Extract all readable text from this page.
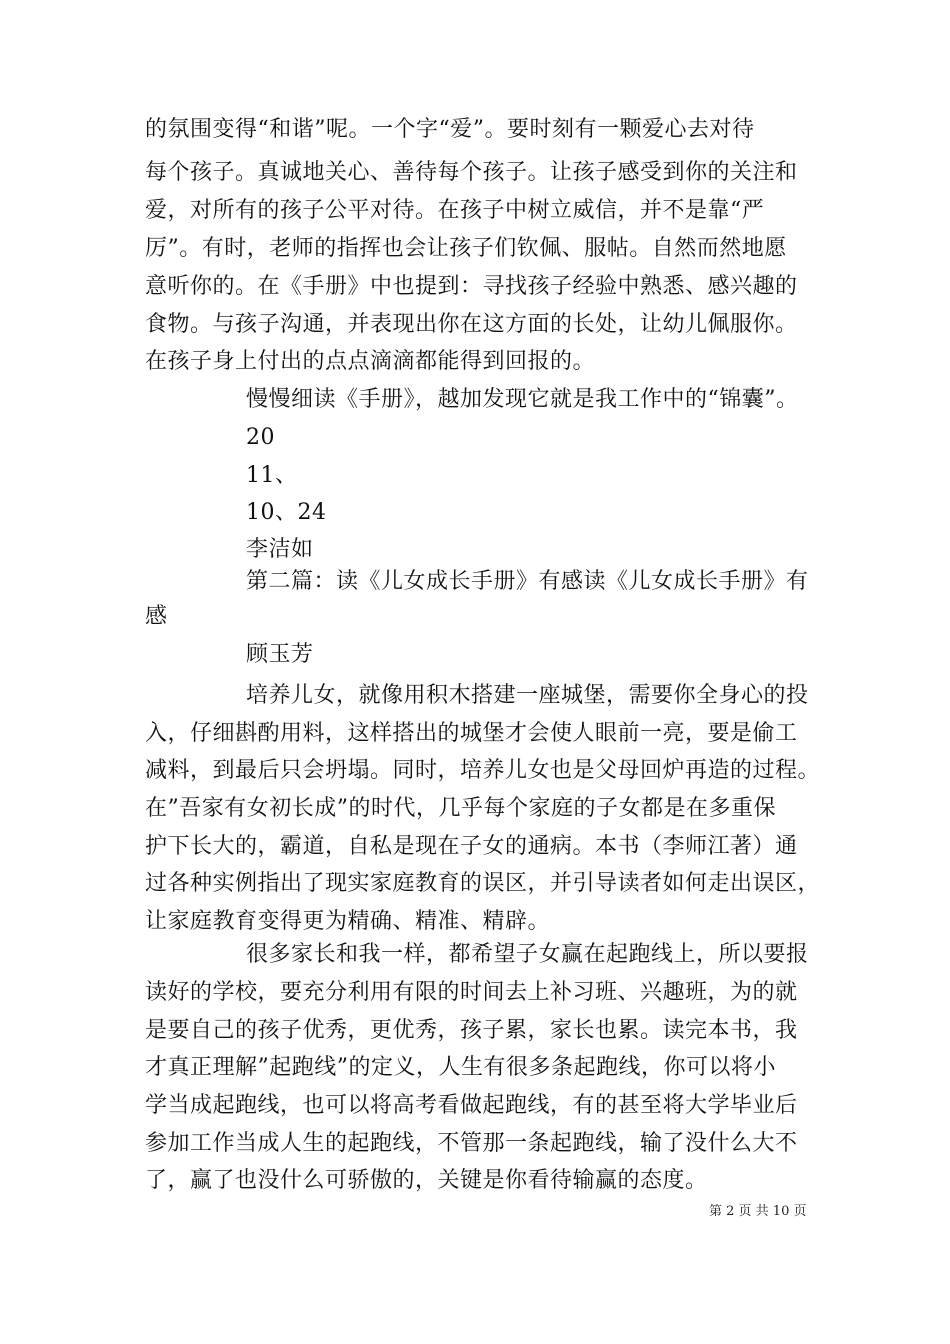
的氛围变得“和谐”呢。一个字“爱”。要时刻有一颗爱心去对待
每个孩子。真诚地关心、善待每个孩子。让孩子感受到你的关注和
爱，对所有的孩子公平对待。在孩子中树立威信，并不是靠“严
厉”。有时，老师的指挥也会让孩子们钦佩、服帖。自然而然地愿
意听你的。在《手册》中也提到：寻找孩子经验中熟悉、感兴趣的
食物。与孩子沟通，并表现出你在这方面的长处，让幼儿佩服你。
在孩子身上付出的点点滴滴都能得到回报的。
慢慢细读《手册》，越加发现它就是我工作中的“锦囊”。
20
11、
10、24
李洁如
第二篇：读《儿女成长手册》有感读《儿女成长手册》有
感
顾玉芳
培养儿女，就像用积木搭建一座城堡，需要你全身心的投
入，仔细斟酌用料，这样搭出的城堡才会使人眼前一亮，要是偷工
减料，到最后只会坍塌。同时，培养儿女也是父母回炉再造的过程。
在”吾家有女初长成”的时代，几乎每个家庭的子女都是在多重保
护下长大的，霸道，自私是现在子女的通病。本书（李师江著）通
过各种实例指出了现实家庭教育的误区，并引导读者如何走出误区，
让家庭教育变得更为精确、精准、精辟。
很多家长和我一样，都希望子女赢在起跑线上，所以要报
读好的学校，要充分利用有限的时间去上补习班、兴趣班，为的就
是要自己的孩子优秀，更优秀，孩子累，家长也累。读完本书，我
才真正理解”起跑线”的定义，人生有很多条起跑线，你可以将小
学当成起跑线，也可以将高考看做起跑线，有的甚至将大学毕业后
参加工作当成人生的起跑线，不管那一条起跑线，输了没什么大不
了，赢了也没什么可骄傲的，关键是你看待输赢的态度。
第 2 页 共 10 页
